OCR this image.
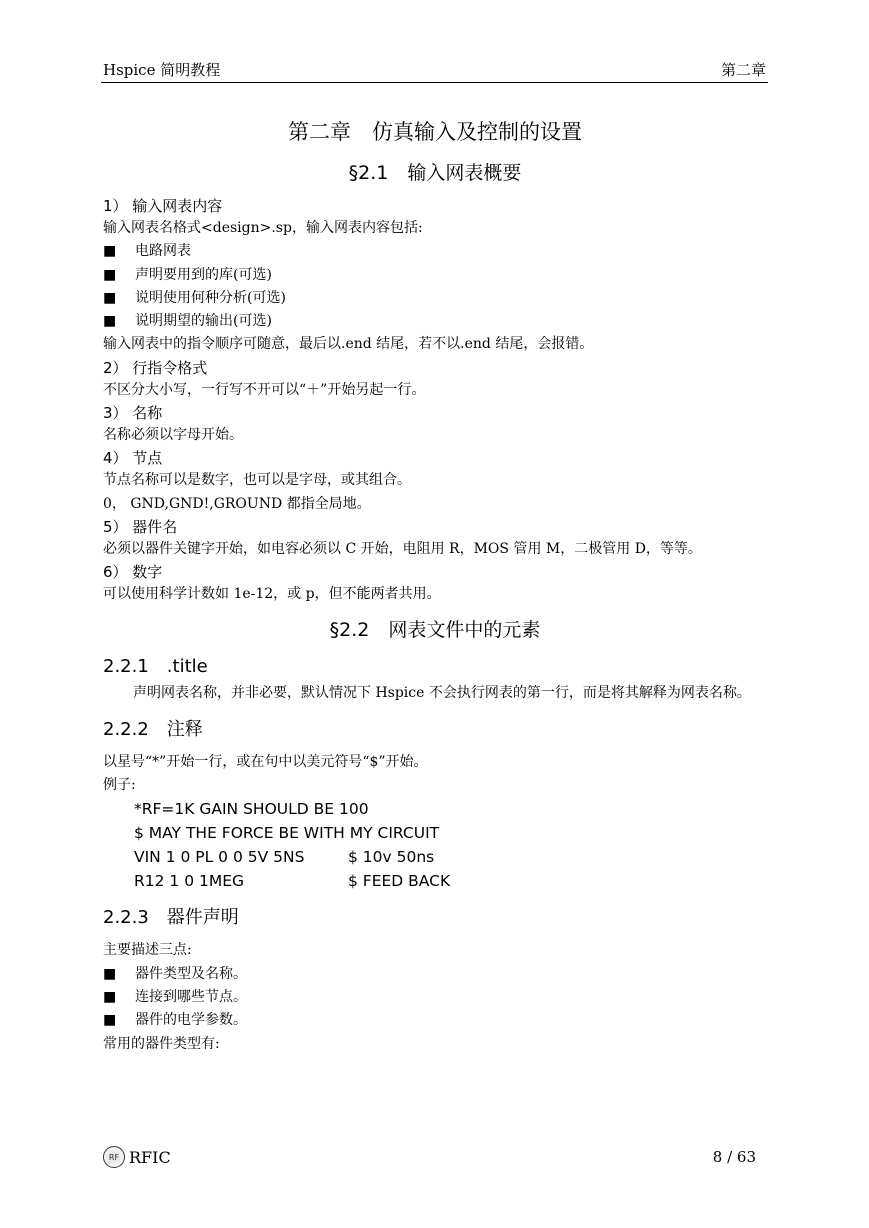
Hspice 简明教程	第二章
第二章　仿真输入及控制的设置
§2.1　输入网表概要
1） 输入网表内容
输入网表名格式<design>.sp，输入网表内容包括:
■	电路网表
■	声明要用到的库(可选)
■	说明使用何种分析(可选)
■	说明期望的输出(可选)
输入网表中的指令顺序可随意，最后以.end 结尾，若不以.end 结尾，会报错。
2） 行指令格式
不区分大小写，一行写不开可以“＋”开始另起一行。
3） 名称
名称必须以字母开始。
4） 节点
节点名称可以是数字，也可以是字母，或其组合。
0， GND,GND!,GROUND 都指全局地。
5） 器件名
必须以器件关键字开始，如电容必须以 C 开始，电阻用 R，MOS 管用 M，二极管用 D，等等。
6） 数字
可以使用科学计数如 1e-12，或 p，但不能两者共用。
§2.2　网表文件中的元素
2.2.1　.title
声明网表名称，并非必要，默认情况下 Hspice 不会执行网表的第一行，而是将其解释为网表名称。
2.2.2　注释
以星号“*”开始一行，或在句中以美元符号“$”开始。
例子:
*RF=1K GAIN SHOULD BE 100
$ MAY THE FORCE BE WITH MY CIRCUIT
VIN 1 0 PL 0 0 5V 5NS	$ 10v 50ns
R12 1 0 1MEG	$ FEED BACK
2.2.3　器件声明
主要描述三点:
■	器件类型及名称。
■	连接到哪些节点。
■	器件的电学参数。
常用的器件类型有:
RF RFIC	8 / 63
